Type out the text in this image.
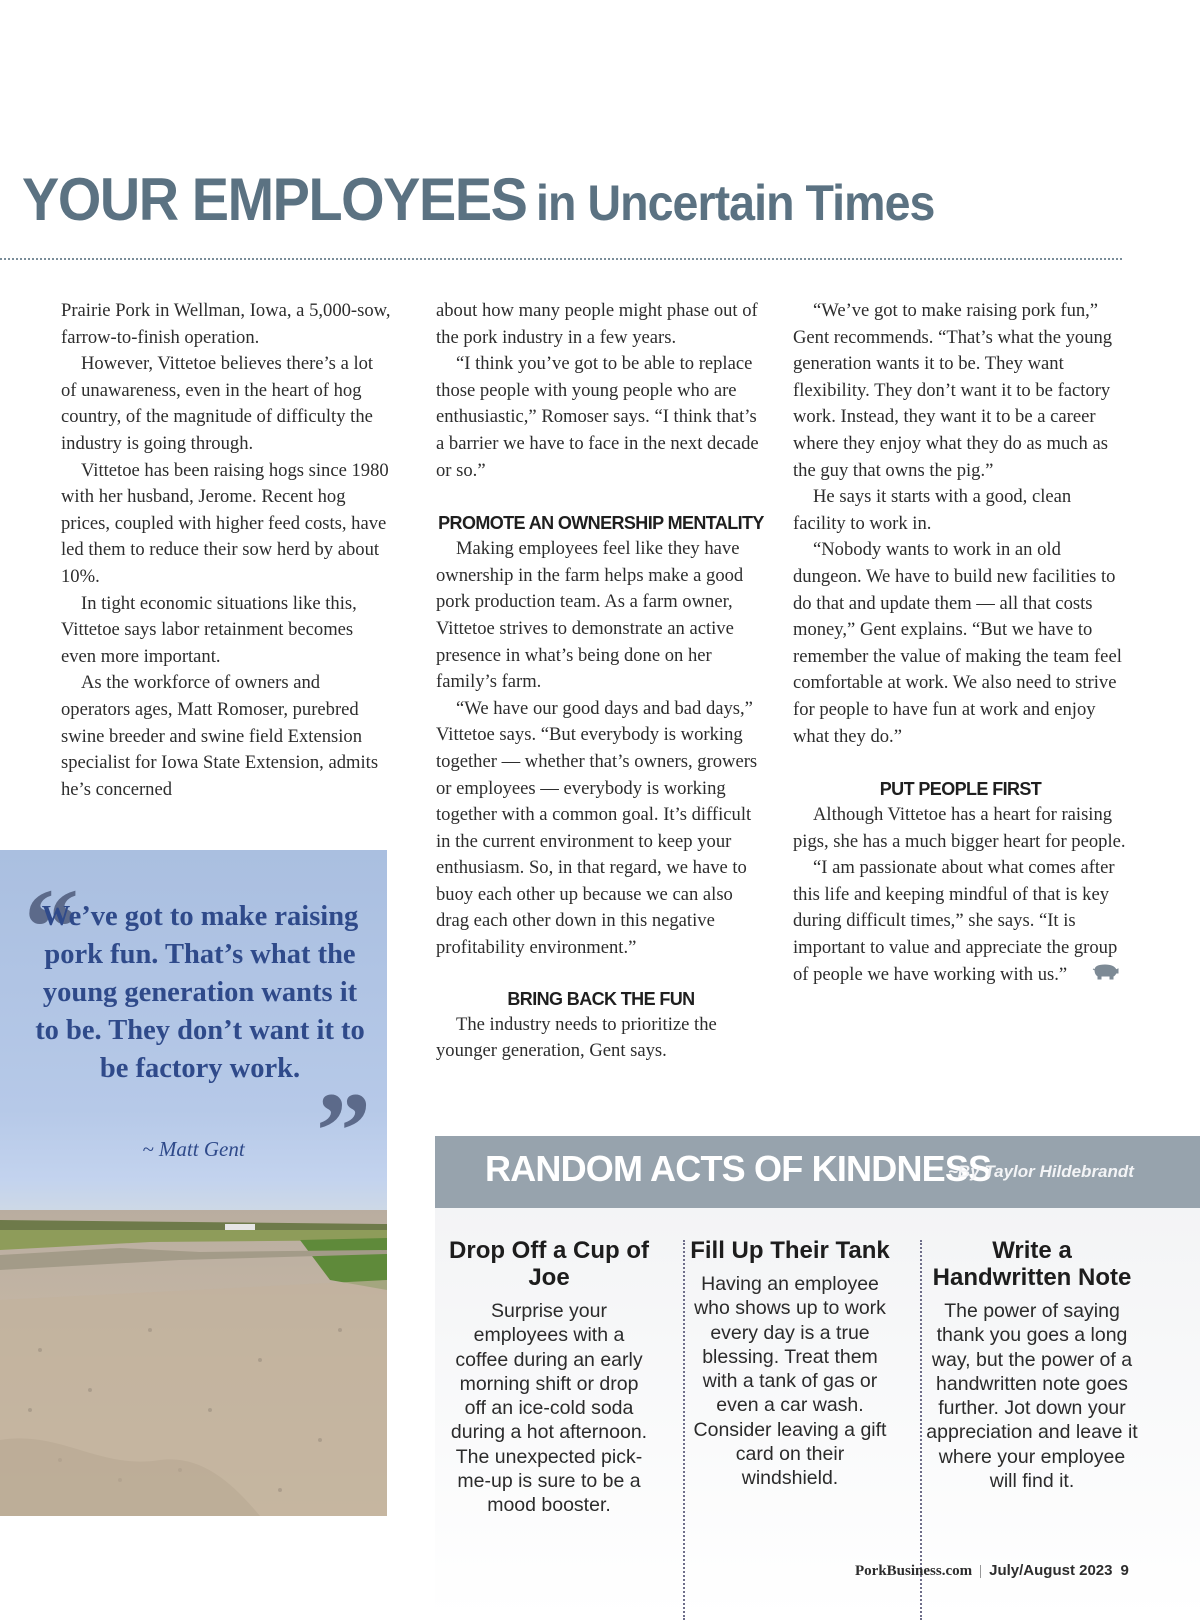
YOUR EMPLOYEESin Uncertain Times

Prairie Pork in Wellman, Iowa, a 5,000-sow, farrow-to-finish operation.

However, Vittetoe believes there’s a lot of unawareness, even in the heart of hog country, of the magnitude of difficulty the industry is going through.

Vittetoe has been raising hogs since 1980 with her husband, Jerome. Recent hog prices, coupled with higher feed costs, have led them to reduce their sow herd by about 10%.

In tight economic situations like this, Vittetoe says labor retainment becomes even more important.

As the workforce of owners and operators ages, Matt Romoser, purebred swine breeder and swine field Extension specialist for Iowa State Extension, admits he’s concerned

about how many people might phase out of the pork industry in a few years.

“I think you’ve got to be able to replace those people with young people who are enthusiastic,” Romoser says. “I think that’s a barrier we have to face in the next decade or so.”

PROMOTE AN OWNERSHIP MENTALITY

Making employees feel like they have ownership in the farm helps make a good pork production team. As a farm owner, Vittetoe strives to demonstrate an active presence in what’s being done on her family’s farm.

“We have our good days and bad days,” Vittetoe says. “But everybody is working together — whether that’s owners, growers or employees — everybody is working together with a common goal. It’s difficult in the current environment to keep your enthusiasm. So, in that regard, we have to buoy each other up because we can also drag each other down in this negative profitability environment.”

BRING BACK THE FUN

The industry needs to prioritize the younger generation, Gent says.

“We’ve got to make raising pork fun,” Gent recommends. “That’s what the young generation wants it to be. They want flexibility. They don’t want it to be factory work. Instead, they want it to be a career where they enjoy what they do as much as the guy that owns the pig.”

He says it starts with a good, clean facility to work in.

“Nobody wants to work in an old dungeon. We have to build new facilities to do that and update them — all that costs money,” Gent explains. “But we have to remember the value of making the team feel comfortable at work. We also need to strive for people to have fun at work and enjoy what they do.”

PUT PEOPLE FIRST

Although Vittetoe has a heart for raising pigs, she has a much bigger heart for people.

“I am passionate about what comes after this life and keeping mindful of that is key during difficult times,” she says. “It is important to value and appreciate the group of people we have working with us.”

“

We’ve got to make raising pork fun. That’s what the young generation wants it to be. They don’t want it to be factory work.

”

~ Matt Gent	RANDOM ACTS OF KINDNESS
~By Taylor Hildebrandt
Drop Off a Cup of Joe

Surprise your employees with a coffee during an early morning shift or drop off an ice-cold soda during a hot afternoon. The unexpected pick-me-up is sure to be a mood booster.

Fill Up Their Tank

Having an employee who shows up to work every day is a true blessing. Treat them with a tank of gas or even a car wash. Consider leaving a gift card on their windshield.

Write a Handwritten Note

The power of saying thank you goes a long way, but the power of a handwritten note goes further. Jot down your appreciation and leave it where your employee will find it.

PorkBusiness.com | July/August 2023 9
